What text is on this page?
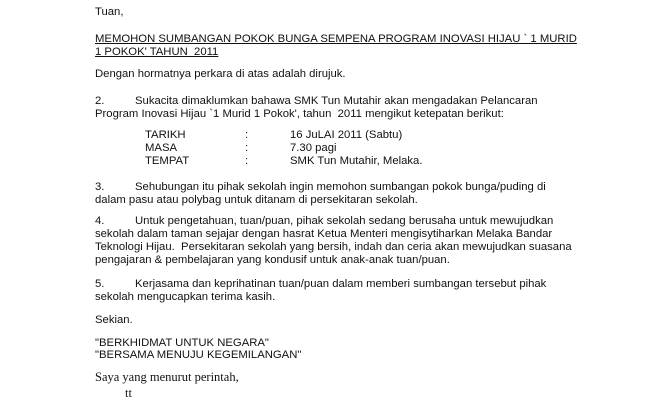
Tuan,
MEMOHON SUMBANGAN POKOK BUNGA SEMPENA PROGRAM INOVASI HIJAU ` 1 MURID
1 POKOK' TAHUN  2011
Dengan hormatnya perkara di atas adalah dirujuk.
2.	Sukacita dimaklumkan bahawa SMK Tun Mutahir akan mengadakan Pelancaran
Program Inovasi Hijau `1 Murid 1 Pokok', tahun  2011 mengikut ketepatan berikut:
TARIKH	:	16 JuLAI 2011 (Sabtu)
MASA	:	7.30 pagi
TEMPAT	:	SMK Tun Mutahir, Melaka.
3.	Sehubungan itu pihak sekolah ingin memohon sumbangan pokok bunga/puding di
dalam pasu atau polybag untuk ditanam di persekitaran sekolah.
4.	Untuk pengetahuan, tuan/puan, pihak sekolah sedang berusaha untuk mewujudkan
sekolah dalam taman sejajar dengan hasrat Ketua Menteri mengisytiharkan Melaka Bandar
Teknologi Hijau.  Persekitaran sekolah yang bersih, indah dan ceria akan mewujudkan suasana
pengajaran & pembelajaran yang kondusif untuk anak-anak tuan/puan.
5.	Kerjasama dan keprihatinan tuan/puan dalam memberi sumbangan tersebut pihak
sekolah mengucapkan terima kasih.
Sekian.
"BERKHIDMAT UNTUK NEGARA"
"BERSAMA MENUJU KEGEMILANGAN"
Saya yang menurut perintah,
tt
